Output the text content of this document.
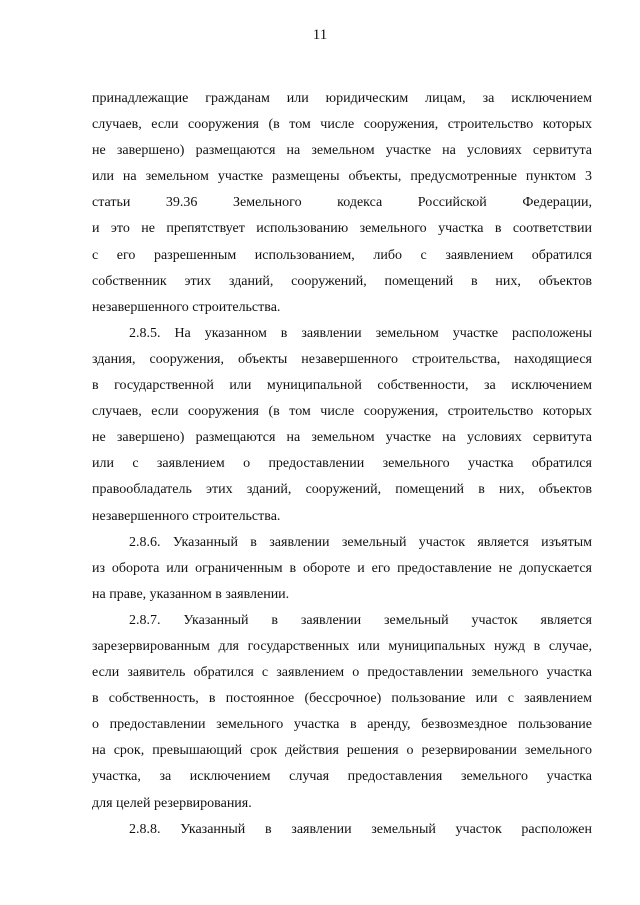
11
принадлежащие гражданам или юридическим лицам, за исключением
случаев, если сооружения (в том числе сооружения, строительство которых
не завершено) размещаются на земельном участке на условиях сервитута
или на земельном участке размещены объекты, предусмотренные пунктом 3
статьи 39.36 Земельного кодекса Российской Федерации,
и это не препятствует использованию земельного участка в соответствии
с его разрешенным использованием, либо с заявлением обратился
собственник этих зданий, сооружений, помещений в них, объектов
незавершенного строительства.
2.8.5. На указанном в заявлении земельном участке расположены
здания, сооружения, объекты незавершенного строительства, находящиеся
в государственной или муниципальной собственности, за исключением
случаев, если сооружения (в том числе сооружения, строительство которых
не завершено) размещаются на земельном участке на условиях сервитута
или с заявлением о предоставлении земельного участка обратился
правообладатель этих зданий, сооружений, помещений в них, объектов
незавершенного строительства.
2.8.6. Указанный в заявлении земельный участок является изъятым
из оборота или ограниченным в обороте и его предоставление не допускается
на праве, указанном в заявлении.
2.8.7. Указанный в заявлении земельный участок является
зарезервированным для государственных или муниципальных нужд в случае,
если заявитель обратился с заявлением о предоставлении земельного участка
в собственность, в постоянное (бессрочное) пользование или с заявлением
о предоставлении земельного участка в аренду, безвозмездное пользование
на срок, превышающий срок действия решения о резервировании земельного
участка, за исключением случая предоставления земельного участка
для целей резервирования.
2.8.8. Указанный в заявлении земельный участок расположен
